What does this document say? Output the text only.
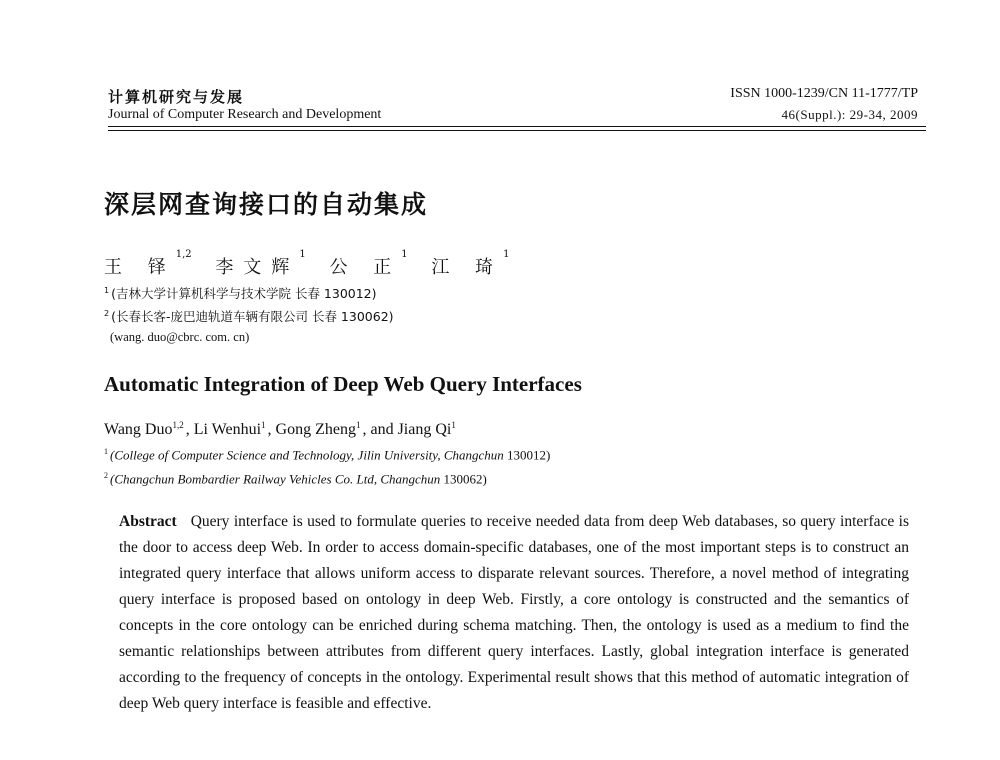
计算机研究与发展
Journal of Computer Research and Development
ISSN 1000-1239/CN 11-1777/TP
46(Suppl.): 29-34, 2009
深层网查询接口的自动集成
王 铎$^{1,2}$ 李文辉$^1$ 公 正$^1$ 江 琦$^1$
$^1$ (吉林大学计算机科学与技术学院 长春 130012)
$^2$ (长春长客-庞巴迪轨道车辆有限公司 长春 130062)
(wang. duo@cbrc. com. cn)
Automatic Integration of Deep Web Query Interfaces
Wang Duo$^{1,2}$ , Li Wenhui$^1$ , Gong Zheng$^1$ , and Jiang Qi$^1$
$^1$ (College of Computer Science and Technology, Jilin University, Changchun 130012)
$^2$ (Changchun Bombardier Railway Vehicles Co. Ltd, Changchun 130062)
Abstract Query interface is used to formulate queries to receive needed data from deep Web databases, so query interface is the door to access deep Web. In order to access domain-specific databases, one of the most important steps is to construct an integrated query interface that allows uniform access to disparate relevant sources. Therefore, a novel method of integrating query interface is proposed based on ontology in deep Web. Firstly, a core ontology is constructed and the semantics of concepts in the core ontology can be enriched during schema matching. Then, the ontology is used as a medium to find the semantic relationships between attributes from different query interfaces. Lastly, global integration interface is generated according to the frequency of concepts in the ontology. Experimental result shows that this method of automatic integration of deep Web query interface is feasible and effective.
